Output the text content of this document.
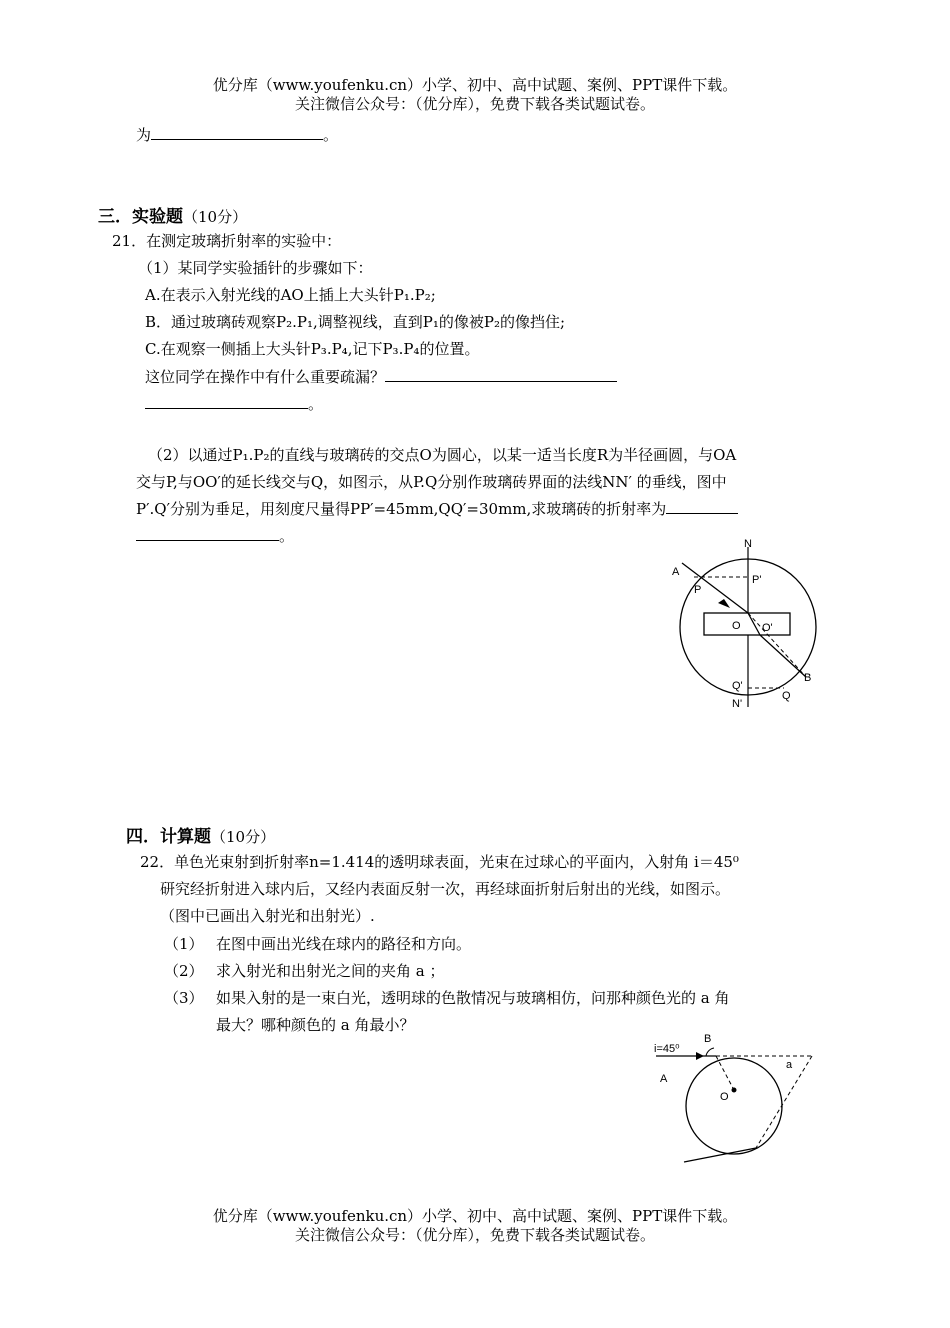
优分库（www.youfenku.cn）小学、初中、高中试题、案例、PPT课件下载。
关注微信公众号：（优分库），免费下载各类试题试卷。
为	。
三．实验题（10分）
21．在测定玻璃折射率的实验中：
（1）某同学实验插针的步骤如下：
A.在表示入射光线的AO上插上大头针P₁.P₂;
B．通过玻璃砖观察P₂.P₁,调整视线，直到P₁的像被P₂的像挡住;
C.在观察一侧插上大头针P₃.P₄,记下P₃.P₄的位置。
这位同学在操作中有什么重要疏漏？
。
（2）以通过P₁.P₂的直线与玻璃砖的交点O为圆心，以某一适当长度R为半径画圆，与OA
交与P,与OO′的延长线交与Q，如图示，从P.Q分别作玻璃砖界面的法线NN′ 的垂线，图中
P′.Q′分别为垂足，用刻度尺量得PP′=45mm,QQ′=30mm,求玻璃砖的折射率为
。	N
A
P'
P
O O'
B
Q'
Q
N'
四．计算题（10分）
22．单色光束射到折射率n=1.414的透明球表面，光束在过球心的平面内，入射角 i＝45⁰
研究经折射进入球内后，又经内表面反射一次，再经球面折射后射出的光线，如图示。
（图中已画出入射光和出射光）.
（1） 在图中画出光线在球内的路径和方向。
（2） 求入射光和出射光之间的夹角 a ；
（3） 如果入射的是一束白光，透明球的色散情况与玻璃相仿，问那种颜色光的 a 角
最大？哪种颜色的 a 角最小？
i=45⁰
B
A
O
a
优分库（www.youfenku.cn）小学、初中、高中试题、案例、PPT课件下载。
关注微信公众号：（优分库），免费下载各类试题试卷。
